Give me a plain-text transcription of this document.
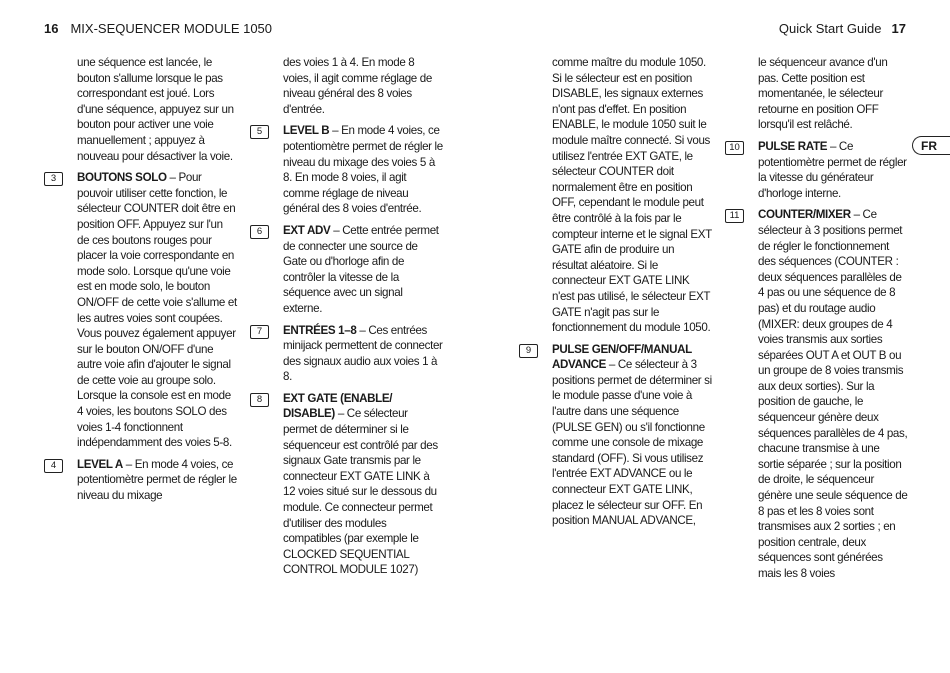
16 MIX-SEQUENCER MODULE 1050	Quick Start Guide 17
FR

une séquence est lancée, le bouton s'allume lorsque le pas correspondant est joué. Lors d'une séquence, appuyez sur un bouton pour activer une voie manuellement ; appuyez à nouveau pour désactiver la voie.

3	BOUTONS SOLO – Pour pouvoir utiliser cette fonction, le sélecteur COUNTER doit être en position OFF. Appuyez sur l'un de ces boutons rouges pour placer la voie correspondante en mode solo. Lorsque qu'une voie est en mode solo, le bouton ON/OFF de cette voie s'allume et les autres voies sont coupées. Vous pouvez également appuyer sur le bouton ON/OFF d'une autre voie afin d'ajouter le signal de cette voie au groupe solo. Lorsque la console est en mode 4 voies, les boutons SOLO des voies 1-4 fonctionnent indépendamment des voies 5-8.
4	LEVEL A – En mode 4 voies, ce potentiomètre permet de régler le niveau du mixage

des voies 1 à 4. En mode 8 voies, il agit comme réglage de niveau général des 8 voies d'entrée.

5	LEVEL B – En mode 4 voies, ce potentiomètre permet de régler le niveau du mixage des voies 5 à 8. En mode 8 voies, il agit comme réglage de niveau général des 8 voies d'entrée.
6	EXT ADV – Cette entrée permet de connecter une source de Gate ou d'horloge afin de contrôler la vitesse de la séquence avec un signal externe.
7	ENTRÉES 1–8 – Ces entrées minijack permettent de connecter des signaux audio aux voies 1 à 8.
8	EXT GATE (ENABLE/ DISABLE) – Ce sélecteur permet de déterminer si le séquenceur est contrôlé par des signaux Gate transmis par le connecteur EXT GATE LINK à 12 voies situé sur le dessous du module. Ce connecteur permet d'utiliser des modules compatibles (par exemple le CLOCKED SEQUENTIAL CONTROL MODULE 1027)

comme maître du module 1050. Si le sélecteur est en position DISABLE, les signaux externes n'ont pas d'effet. En position ENABLE, le module 1050 suit le module maître connecté. Si vous utilisez l'entrée EXT GATE, le sélecteur COUNTER doit normalement être en position OFF, cependant le module peut être contrôlé à la fois par le compteur interne et le signal EXT GATE afin de produire un résultat aléatoire. Si le connecteur EXT GATE LINK n'est pas utilisé, le sélecteur EXT GATE n'agit pas sur le fonctionnement du module 1050.

9	PULSE GEN/OFF/MANUAL ADVANCE – Ce sélecteur à 3 positions permet de déterminer si le module passe d'une voie à l'autre dans une séquence (PULSE GEN) ou s'il fonctionne comme une console de mixage standard (OFF). Si vous utilisez l'entrée EXT ADVANCE ou le connecteur EXT GATE LINK, placez le sélecteur sur OFF. En position MANUAL ADVANCE,

le séquenceur avance d'un pas. Cette position est momentanée, le sélecteur retourne en position OFF lorsqu'il est relâché.

10	PULSE RATE – Ce potentiomètre permet de régler la vitesse du générateur d'horloge interne.
11	COUNTER/MIXER – Ce sélecteur à 3 positions permet de régler le fonctionnement des séquences (COUNTER : deux séquences parallèles de 4 pas ou une séquence de 8 pas) et du routage audio (MIXER: deux groupes de 4 voies transmis aux sorties séparées OUT A et OUT B ou un groupe de 8 voies transmis aux deux sorties). Sur la position de gauche, le séquenceur génère deux séquences parallèles de 4 pas, chacune transmise à une sortie séparée ; sur la position de droite, le séquenceur génère une seule séquence de 8 pas et les 8 voies sont transmises aux 2 sorties ; en position centrale, deux séquences sont générées mais les 8 voies
